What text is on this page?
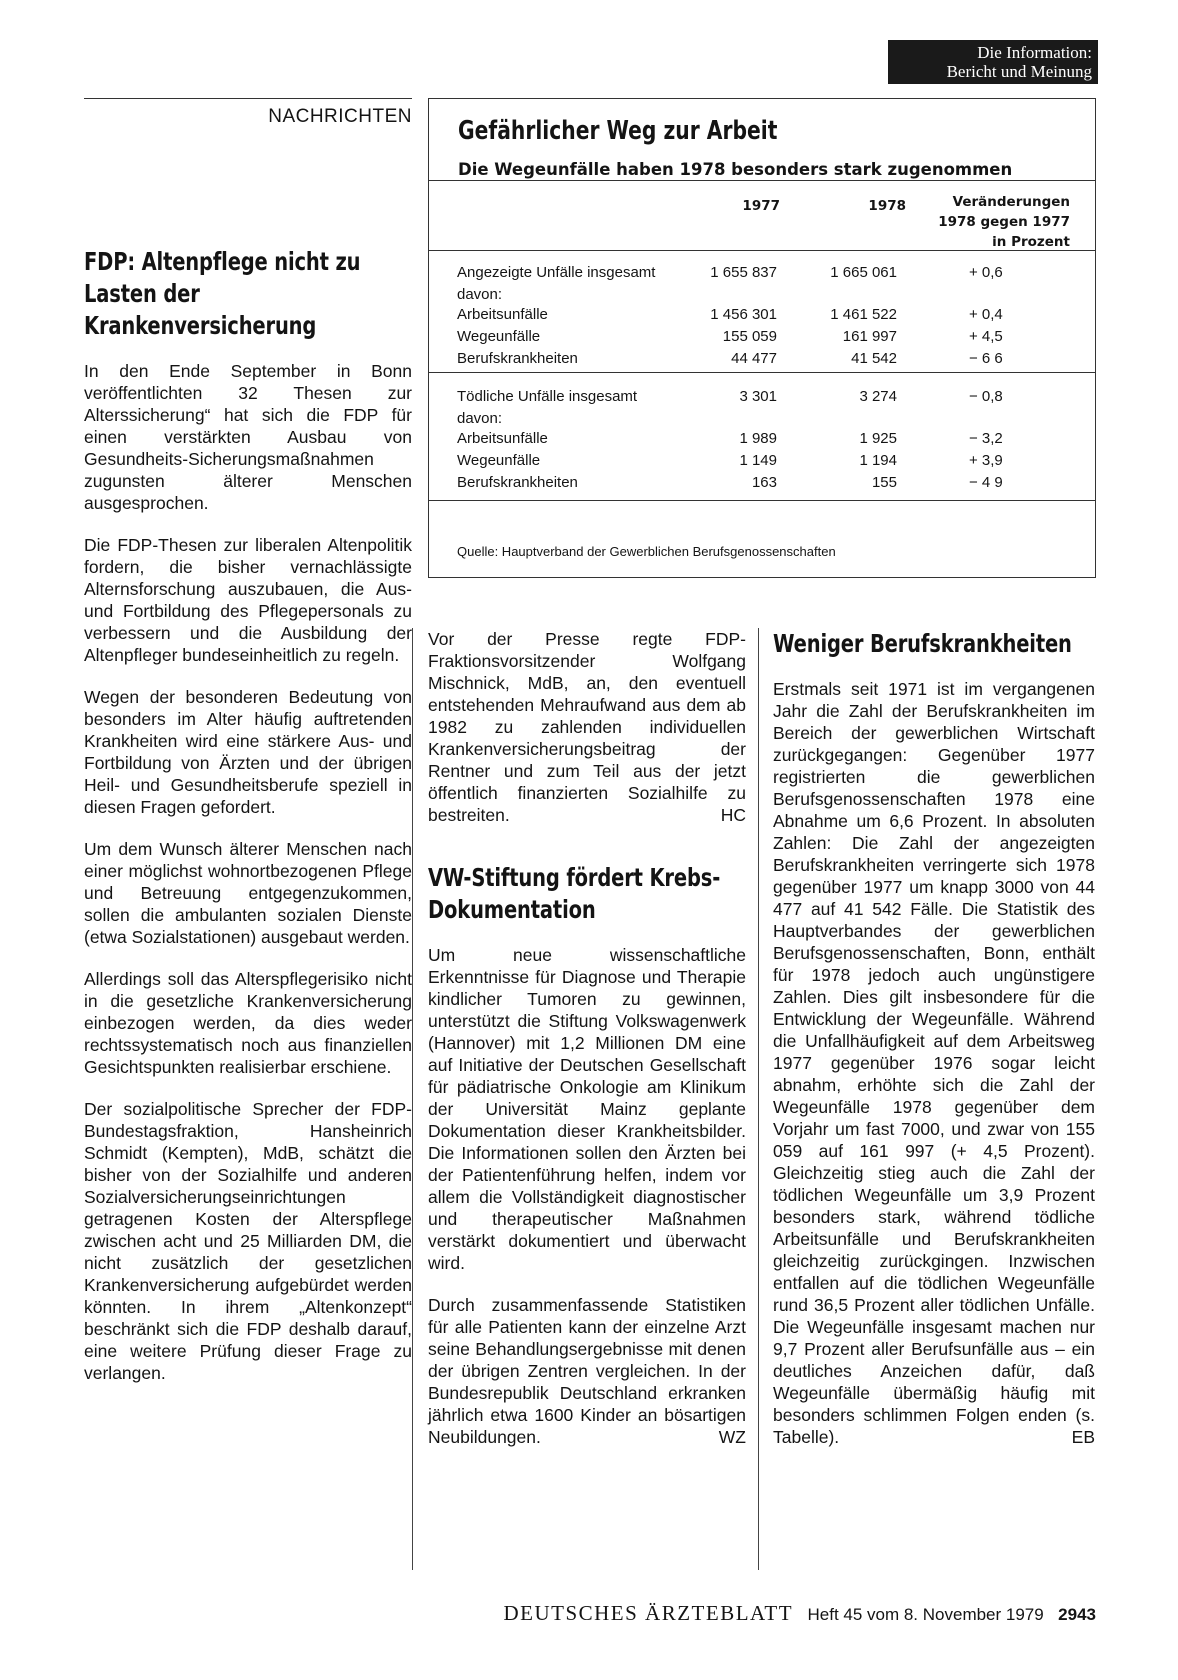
Die Information:
Bericht und Meinung
NACHRICHTEN Gefährlicher Weg zur Arbeit
Die Wegeunfälle haben 1978 besonders stark zugenommen
1977	1978	Veränderungen
1978 gegen 1977
in Prozent
Angezeigte Unfälle insgesamt	1 655 837	1 665 061	+ 0,6
davon:
Arbeitsunfälle	1 456 301	1 461 522	+ 0,4
Wegeunfälle	155 059	161 997	+ 4,5
Berufskrankheiten	44 477	41 542	− 6 6
Tödliche Unfälle insgesamt	3 301	3 274	− 0,8
davon:
Arbeitsunfälle	1 989	1 925	− 3,2
Wegeunfälle	1 149	1 194	+ 3,9
Berufskrankheiten	163	155	− 4 9
Quelle: Hauptverband der Gewerblichen Berufsgenossenschaften
FDP: Altenpflege nicht zu Lasten der Krankenversicherung

In den Ende September in Bonn veröffentlichten 32 Thesen zur Alterssicherung“ hat sich die FDP für einen verstärkten Ausbau von Gesundheits-Sicherungsmaßnahmen zugunsten älterer Menschen ausgesprochen.

Die FDP-Thesen zur liberalen Altenpolitik fordern, die bisher vernachlässigte Alternsforschung auszubauen, die Aus- und Fortbildung des Pflegepersonals zu verbessern und die Ausbildung der Altenpfleger bundeseinheitlich zu regeln.

Wegen der besonderen Bedeutung von besonders im Alter häufig auftretenden Krankheiten wird eine stärkere Aus- und Fortbildung von Ärzten und der übrigen Heil- und Gesundheitsberufe speziell in diesen Fragen gefordert.

Um dem Wunsch älterer Menschen nach einer möglichst wohnortbezogenen Pflege und Betreuung entgegenzukommen, sollen die ambulanten sozialen Dienste (etwa Sozialstationen) ausgebaut werden.

Allerdings soll das Alterspflegerisiko nicht in die gesetzliche Krankenversicherung einbezogen werden, da dies weder rechtssystematisch noch aus finanziellen Gesichtspunkten realisierbar erschiene.

Der sozialpolitische Sprecher der FDP-Bundestagsfraktion, Hansheinrich Schmidt (Kempten), MdB, schätzt die bisher von der Sozialhilfe und anderen Sozialversicherungseinrichtungen getragenen Kosten der Alterspflege zwischen acht und 25 Milliarden DM, die nicht zusätzlich der gesetzlichen Krankenversicherung aufgebürdet werden könnten. In ihrem „Altenkonzept“ beschränkt sich die FDP deshalb darauf, eine weitere Prüfung dieser Frage zu verlangen.

Vor der Presse regte FDP-Fraktionsvorsitzender Wolfgang Mischnick, MdB, an, den eventuell entstehenden Mehraufwand aus dem ab 1982 zu zahlenden individuellen Krankenversicherungsbeitrag der Rentner und zum Teil aus der jetzt öffentlich finanzierten Sozialhilfe zu bestreiten.	HC

VW-Stiftung fördert Krebs-Dokumentation

Um neue wissenschaftliche Erkenntnisse für Diagnose und Therapie kindlicher Tumoren zu gewinnen, unterstützt die Stiftung Volkswagenwerk (Hannover) mit 1,2 Millionen DM eine auf Initiative der Deutschen Gesellschaft für pädiatrische Onkologie am Klinikum der Universität Mainz geplante Dokumentation dieser Krankheitsbilder. Die Informationen sollen den Ärzten bei der Patientenführung helfen, indem vor allem die Vollständigkeit diagnostischer und therapeutischer Maßnahmen verstärkt dokumentiert und überwacht wird.

Durch zusammenfassende Statistiken für alle Patienten kann der einzelne Arzt seine Behandlungsergebnisse mit denen der übrigen Zentren vergleichen. In der Bundesrepublik Deutschland erkranken jährlich etwa 1600 Kinder an bösartigen Neubildungen.	WZ

Weniger Berufskrankheiten

Erstmals seit 1971 ist im vergangenen Jahr die Zahl der Berufskrankheiten im Bereich der gewerblichen Wirtschaft zurückgegangen: Gegenüber 1977 registrierten die gewerblichen Berufsgenossenschaften 1978 eine Abnahme um 6,6 Prozent. In absoluten Zahlen: Die Zahl der angezeigten Berufskrankheiten verringerte sich 1978 gegenüber 1977 um knapp 3000 von 44 477 auf 41 542 Fälle. Die Statistik des Hauptverbandes der gewerblichen Berufsgenossenschaften, Bonn, enthält für 1978 jedoch auch ungünstigere Zahlen. Dies gilt insbesondere für die Entwicklung der Wegeunfälle. Während die Unfallhäufigkeit auf dem Arbeitsweg 1977 gegenüber 1976 sogar leicht abnahm, erhöhte sich die Zahl der Wegeunfälle 1978 gegenüber dem Vorjahr um fast 7000, und zwar von 155 059 auf 161 997 (+ 4,5 Prozent). Gleichzeitig stieg auch die Zahl der tödlichen Wegeunfälle um 3,9 Prozent besonders stark, während tödliche Arbeitsunfälle und Berufskrankheiten gleichzeitig zurückgingen. Inzwischen entfallen auf die tödlichen Wegeunfälle rund 36,5 Prozent aller tödlichen Unfälle. Die Wegeunfälle insgesamt machen nur 9,7 Prozent aller Berufsunfälle aus – ein deutliches Anzeichen dafür, daß Wegeunfälle übermäßig häufig mit besonders schlimmen Folgen enden (s. Tabelle).	EB

DEUTSCHES ÄRZTEBLATT Heft 45 vom 8. November 1979 2943
